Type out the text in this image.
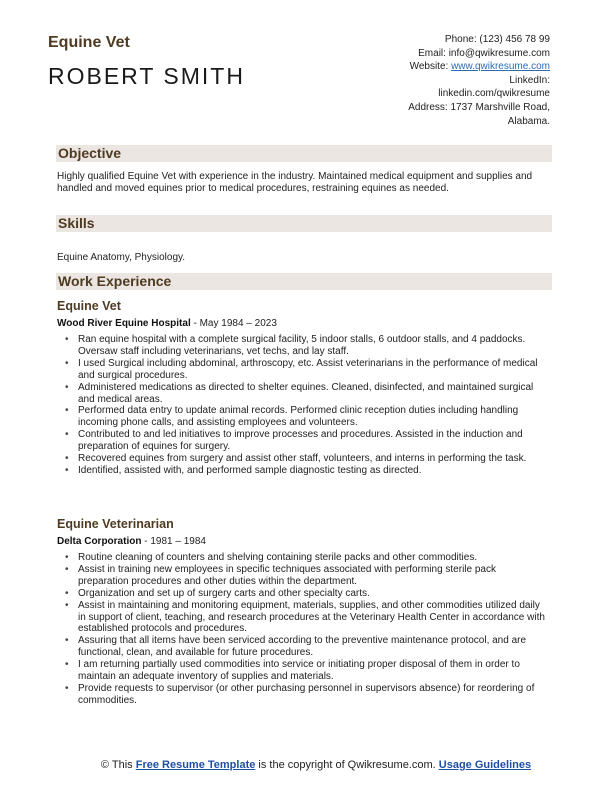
Equine Vet
ROBERT SMITH
Phone: (123) 456 78 99
Email: info@qwikresume.com
Website: www.qwikresume.com
LinkedIn:
linkedin.com/qwikresume
Address: 1737 Marshville Road,
Alabama.
Objective
Highly qualified Equine Vet with experience in the industry. Maintained medical equipment and supplies and handled and moved equines prior to medical procedures, restraining equines as needed.
Skills
Equine Anatomy, Physiology.
Work Experience
Equine Vet
Wood River Equine Hospital - May 1984 – 2023
• Ran equine hospital with a complete surgical facility, 5 indoor stalls, 6 outdoor stalls, and 4 paddocks. Oversaw staff including veterinarians, vet techs, and lay staff.
• I used Surgical including abdominal, arthroscopy, etc. Assist veterinarians in the performance of medical and surgical procedures.
• Administered medications as directed to shelter equines. Cleaned, disinfected, and maintained surgical and medical areas.
• Performed data entry to update animal records. Performed clinic reception duties including handling incoming phone calls, and assisting employees and volunteers.
• Contributed to and led initiatives to improve processes and procedures. Assisted in the induction and preparation of equines for surgery.
• Recovered equines from surgery and assist other staff, volunteers, and interns in performing the task.
• Identified, assisted with, and performed sample diagnostic testing as directed.
Equine Veterinarian
Delta Corporation - 1981 – 1984
• Routine cleaning of counters and shelving containing sterile packs and other commodities.
• Assist in training new employees in specific techniques associated with performing sterile pack preparation procedures and other duties within the department.
• Organization and set up of surgery carts and other specialty carts.
• Assist in maintaining and monitoring equipment, materials, supplies, and other commodities utilized daily in support of client, teaching, and research procedures at the Veterinary Health Center in accordance with established protocols and procedures.
• Assuring that all items have been serviced according to the preventive maintenance protocol, and are functional, clean, and available for future procedures.
• I am returning partially used commodities into service or initiating proper disposal of them in order to maintain an adequate inventory of supplies and materials.
• Provide requests to supervisor (or other purchasing personnel in supervisors absence) for reordering of commodities.
© This Free Resume Template is the copyright of Qwikresume.com. Usage Guidelines
